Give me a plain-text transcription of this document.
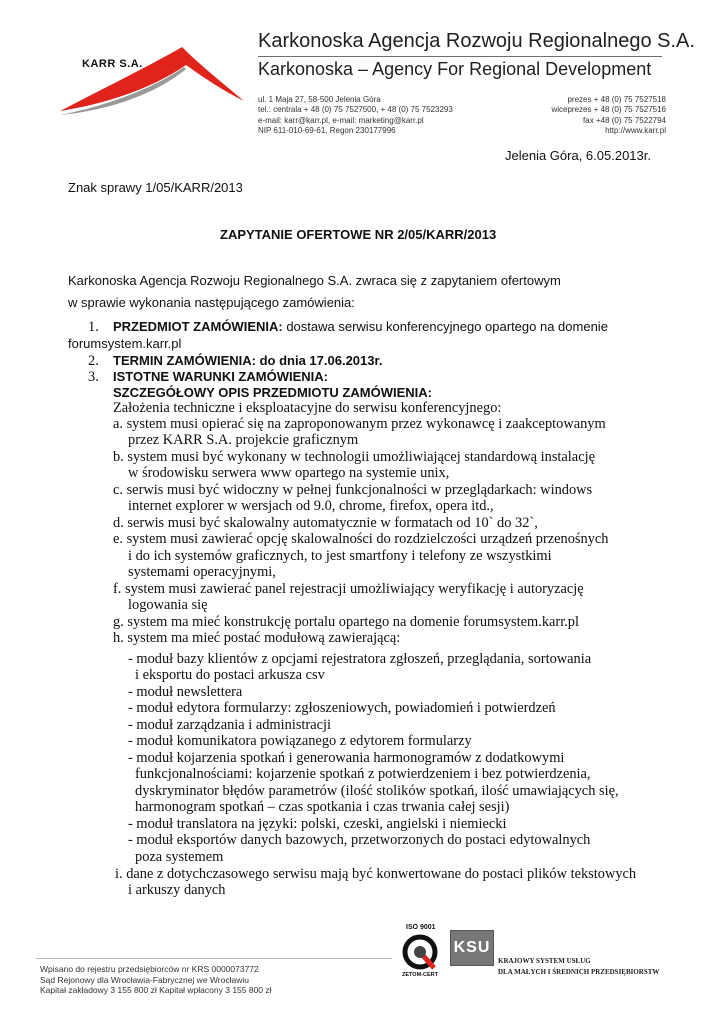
KARR S.A.
Karkonoska Agencja Rozwoju Regionalnego S.A.
Karkonoska – Agency For Regional Development
ul. 1 Maja 27, 58-500 Jelenia Góra
tel.: centrala + 48 (0) 75 7527500, + 48 (0) 75 7523293
e-mail: karr@karr.pl, e-mail: marketing@karr.pl
NIP 611-010-69-61, Regon 230177996
prezes + 48 (0) 75 7527518
wiceprezes + 48 (0) 75 7527516
fax +48 (0) 75 7522794
http://www.karr.pl
Jelenia Góra, 6.05.2013r.
Znak sprawy 1/05/KARR/2013
ZAPYTANIE OFERTOWE NR 2/05/KARR/2013
Karkonoska Agencja Rozwoju Regionalnego S.A. zwraca się z zapytaniem ofertowym
w sprawie wykonania następującego zamówienia:
1. PRZEDMIOT ZAMÓWIENIA: dostawa serwisu konferencyjnego opartego na domenie
forumsystem.karr.pl
2. TERMIN ZAMÓWIENIA: do dnia 17.06.2013r.
3. ISTOTNE WARUNKI ZAMÓWIENIA:
SZCZEGÓŁOWY OPIS PRZEDMIOTU ZAMÓWIENIA:
Założenia techniczne i eksploatacyjne do serwisu konferencyjnego:
a. system musi opierać się na zaproponowanym przez wykonawcę i zaakceptowanym
przez KARR S.A. projekcie graficznym
b. system musi być wykonany w technologii umożliwiającej standardową instalację
w środowisku serwera www opartego na systemie unix,
c. serwis musi być widoczny w pełnej funkcjonalności w przeglądarkach: windows
internet explorer w wersjach od 9.0, chrome, firefox, opera itd.,
d. serwis musi być skalowalny automatycznie w formatach od 10` do 32`,
e. system musi zawierać opcję skalowalności do rozdzielczości urządzeń przenośnych
i do ich systemów graficznych, to jest smartfony i telefony ze wszystkimi
systemami operacyjnymi,
f. system musi zawierać panel rejestracji umożliwiający weryfikację i autoryzację
logowania się
g. system ma mieć konstrukcję portalu opartego na domenie forumsystem.karr.pl
h. system ma mieć postać modułową zawierającą:
- moduł bazy klientów z opcjami rejestratora zgłoszeń, przeglądania, sortowania
i eksportu do postaci arkusza csv
- moduł newslettera
- moduł edytora formularzy: zgłoszeniowych, powiadomień i potwierdzeń
- moduł zarządzania i administracji
- moduł komunikatora powiązanego z edytorem formularzy
- moduł kojarzenia spotkań i generowania harmonogramów z dodatkowymi
funkcjonalnościami: kojarzenie spotkań z potwierdzeniem i bez potwierdzenia,
dyskryminator błędów parametrów (ilość stolików spotkań, ilość umawiających się,
harmonogram spotkań – czas spotkania i czas trwania całej sesji)
- moduł translatora na języki: polski, czeski, angielski i niemiecki
- moduł eksportów danych bazowych, przetworzonych do postaci edytowalnych
poza systemem
i. dane z dotychczasowego serwisu mają być konwertowane do postaci plików tekstowych
i arkuszy danych
Wpisano do rejestru przedsiębiorców nr KRS 0000073772
Sąd Rejonowy dla Wrocławia-Fabrycznej we Wrocławiu
Kapitał zakładowy 3 155 800 zł Kapitał wpłacony 3 155 800 zł
ISO 9001
ZETOM-CERT
KSU
KRAJOWY SYSTEM USŁUG
DLA MAŁYCH I ŚREDNICH PRZEDSIĘBIORSTW
